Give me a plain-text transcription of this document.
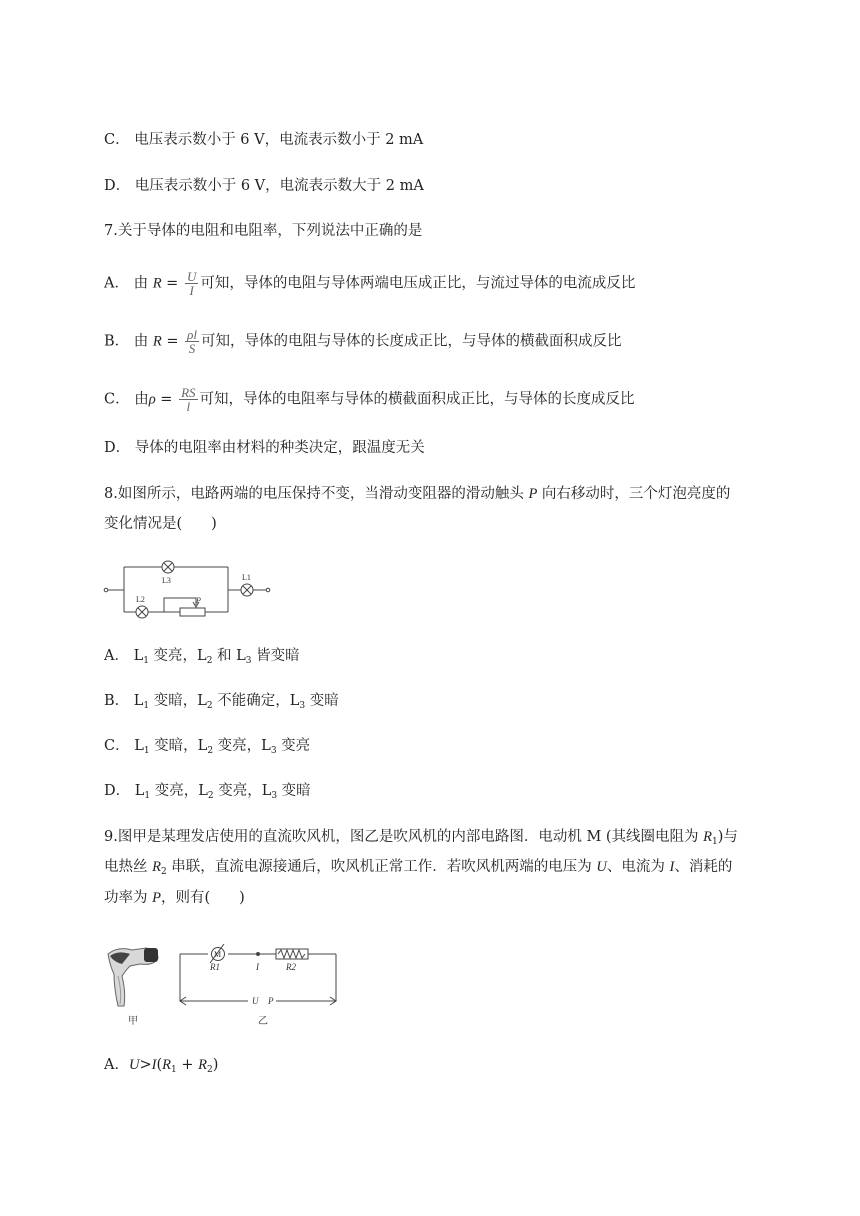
C． 电压表示数小于 6 V，电流表示数小于 2 mA
D． 电压表示数小于 6 V，电流表示数大于 2 mA
7.关于导体的电阻和电阻率，下列说法中正确的是
A． 由 $R = \frac{U}{I}$ 可知，导体的电阻与导体两端电压成正比，与流过导体的电流成反比
B． 由 $R = \frac{\rho l}{S}$ 可知，导体的电阻与导体的长度成正比，与导体的横截面积成反比
C． 由$\rho = \frac{RS}{l}$ 可知，导体的电阻率与导体的横截面积成正比，与导体的长度成反比
D． 导体的电阻率由材料的种类决定，跟温度无关
8.如图所示，电路两端的电压保持不变，当滑动变阻器的滑动触头 P 向右移动时，三个灯泡亮度的
变化情况是(　　)
L3
L2
L1
P
A． $L_1$ 变亮，$L_2$ 和 $L_3$ 皆变暗
B． $L_1$ 变暗，$L_2$ 不能确定，$L_3$ 变暗
C． $L_1$ 变暗，$L_2$ 变亮，$L_3$ 变亮
D． $L_1$ 变亮，$L_2$ 变亮，$L_3$ 变暗
9.图甲是某理发店使用的直流吹风机，图乙是吹风机的内部电路图．电动机 M (其线圈电阻为 $R_1$)与
电热丝 $R_2$ 串联，直流电源接通后，吹风机正常工作．若吹风机两端的电压为 U、电流为 I、消耗的
功率为 P，则有(　　)
甲
M
R1	I	R2
U P
乙
A．$U>I(R_1 + R_2)$
